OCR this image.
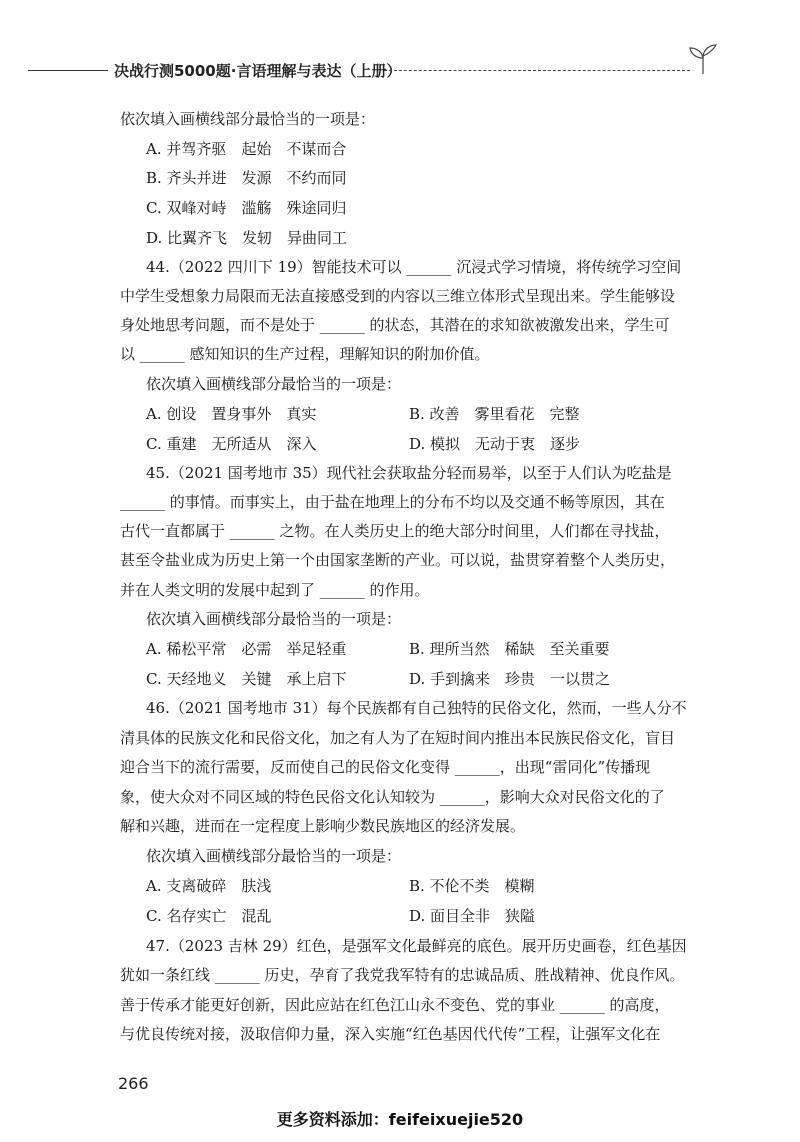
决战行测5000题·言语理解与表达（上册）
依次填入画横线部分最恰当的一项是：
A. 并驾齐驱　起始　不谋而合
B. 齐头并进　发源　不约而同
C. 双峰对峙　滥觞　殊途同归
D. 比翼齐飞　发轫　异曲同工
44.（2022 四川下 19）智能技术可以 ______ 沉浸式学习情境，将传统学习空间
中学生受想象力局限而无法直接感受到的内容以三维立体形式呈现出来。学生能够设
身处地思考问题，而不是处于 ______ 的状态，其潜在的求知欲被激发出来，学生可
以 ______ 感知知识的生产过程，理解知识的附加价值。
依次填入画横线部分最恰当的一项是：
A. 创设　置身事外　真实	B. 改善　雾里看花　完整
C. 重建　无所适从　深入	D. 模拟　无动于衷　逐步
45.（2021 国考地市 35）现代社会获取盐分轻而易举，以至于人们认为吃盐是
______ 的事情。而事实上，由于盐在地理上的分布不均以及交通不畅等原因，其在
古代一直都属于 ______ 之物。在人类历史上的绝大部分时间里，人们都在寻找盐，
甚至令盐业成为历史上第一个由国家垄断的产业。可以说，盐贯穿着整个人类历史，
并在人类文明的发展中起到了 ______ 的作用。
依次填入画横线部分最恰当的一项是：
A. 稀松平常　必需　举足轻重	B. 理所当然　稀缺　至关重要
C. 天经地义　关键　承上启下	D. 手到擒来　珍贵　一以贯之
46.（2021 国考地市 31）每个民族都有自己独特的民俗文化，然而，一些人分不
清具体的民族文化和民俗文化，加之有人为了在短时间内推出本民族民俗文化，盲目
迎合当下的流行需要，反而使自己的民俗文化变得 ______，出现“雷同化”传播现
象，使大众对不同区域的特色民俗文化认知较为 ______，影响大众对民俗文化的了
解和兴趣，进而在一定程度上影响少数民族地区的经济发展。
依次填入画横线部分最恰当的一项是：
A. 支离破碎　肤浅	B. 不伦不类　模糊
C. 名存实亡　混乱	D. 面目全非　狭隘
47.（2023 吉林 29）红色，是强军文化最鲜亮的底色。展开历史画卷，红色基因
犹如一条红线 ______ 历史，孕育了我党我军特有的忠诚品质、胜战精神、优良作风。
善于传承才能更好创新，因此应站在红色江山永不变色、党的事业 ______ 的高度，
与优良传统对接，汲取信仰力量，深入实施“红色基因代代传”工程，让强军文化在
266
更多资料添加：feifeixuejie520
